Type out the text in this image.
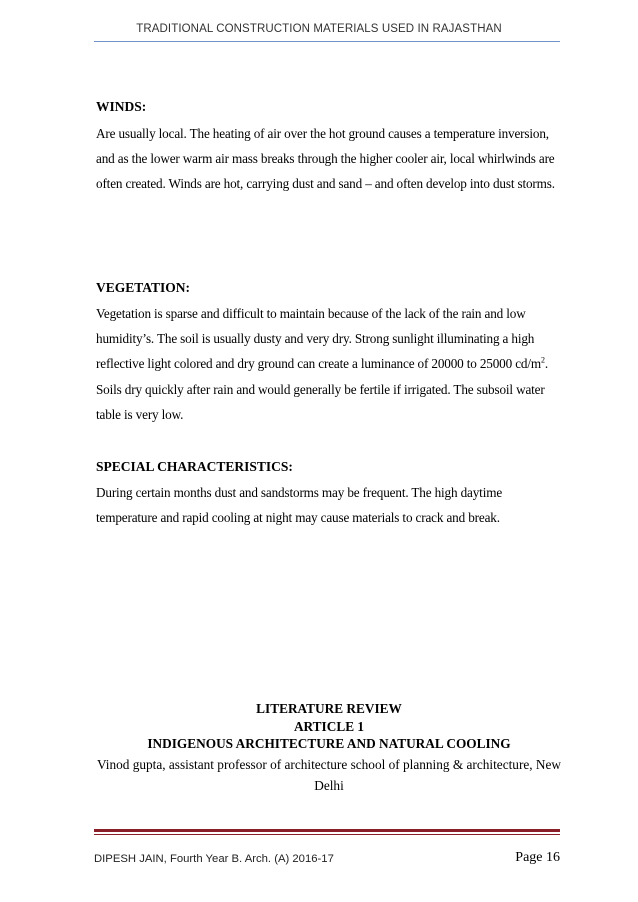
TRADITIONAL CONSTRUCTION MATERIALS USED IN RAJASTHAN
WINDS:

Are usually local. The heating of air over the hot ground causes a temperature inversion,
and as the lower warm air mass breaks through the higher cooler air, local whirlwinds are
often created. Winds are hot, carrying dust and sand – and often develop into dust storms.

VEGETATION:

Vegetation is sparse and difficult to maintain because of the lack of the rain and low
humidity’s. The soil is usually dusty and very dry. Strong sunlight illuminating a high
reflective light colored and dry ground can create a luminance of 20000 to 25000 $cd/m^2$.
Soils dry quickly after rain and would generally be fertile if irrigated. The subsoil water
table is very low.

SPECIAL CHARACTERISTICS:

During certain months dust and sandstorms may be frequent. The high daytime
temperature and rapid cooling at night may cause materials to crack and break.

LITERATURE REVIEW
ARTICLE 1
INDIGENOUS ARCHITECTURE AND NATURAL COOLING
Vinod gupta, assistant professor of architecture school of planning & architecture, New
Delhi
DIPESH JAIN, Fourth Year B. Arch. (A) 2016-17	Page 16
